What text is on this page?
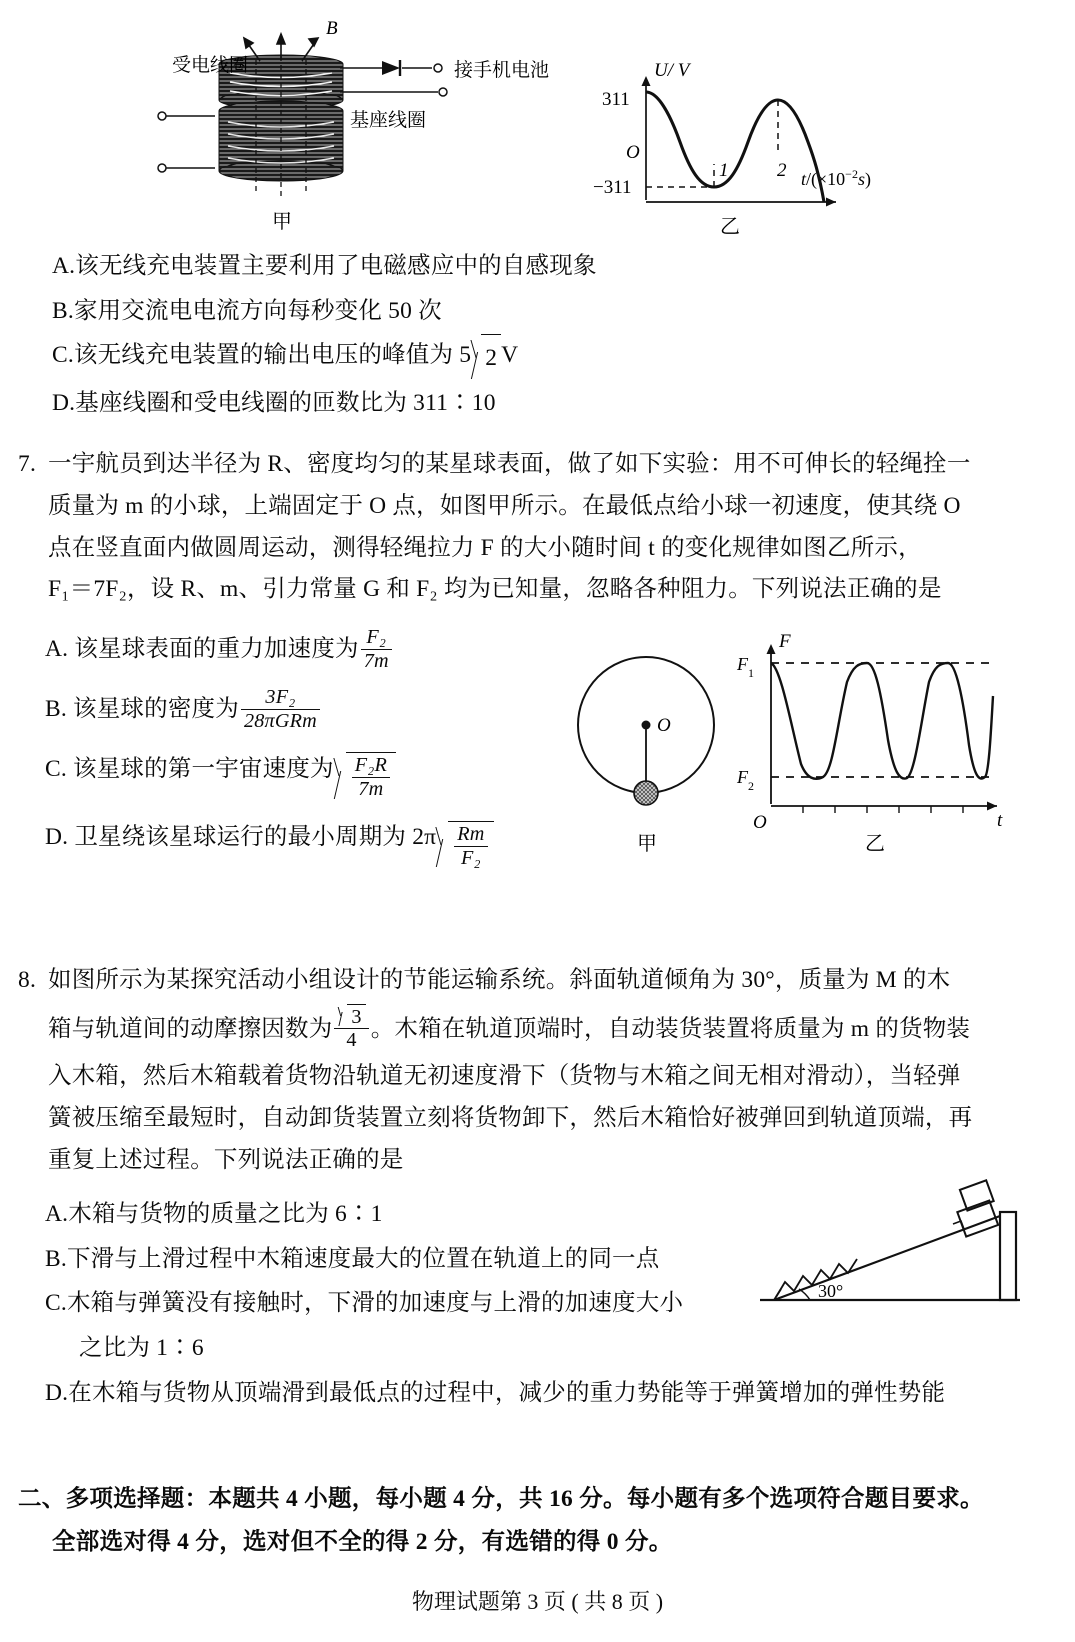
B
受电线圈
基座线圈
接手机电池
甲
U/ V
O
311
−311
1	2 $t/(\times 10^{-2}s)$
乙
A.该无线充电装置主要利用了电磁感应中的自感现象
B.家用交流电电流方向每秒变化 50 次
C.该无线充电装置的输出电压的峰值为 5 2 V
D.基座线圈和受电线圈的匝数比为 311∶10
7. 一宇航员到达半径为 R、密度均匀的某星球表面，做了如下实验：用不可伸长的轻绳拴一
质量为 m 的小球，上端固定于 O 点，如图甲所示。在最低点给小球一初速度，使其绕 O
点在竖直面内做圆周运动，测得轻绳拉力 F 的大小随时间 t 的变化规律如图乙所示，
F₁＝7F₂，设 R、m、引力常量 G 和 F₂ 均为已知量，忽略各种阻力。下列说法正确的是
A. 该星球表面的重力加速度为 $\frac{\text{F₂}}{7m}$
B. 该星球的密度为 $\frac{\text{3F₂}}{\text{28πGRm}}$
C. 该星球的第一宇宙速度为 $\frac{\text{F₂R}}{7m}$
D. 卫星绕该星球运行的最小周期为 $2\pi \frac{Rm}{\text{F₂}}$
O
甲
F
t
O
$F_1$
$F_2$
乙
8. 如图所示为某探究活动小组设计的节能运输系统。斜面轨道倾角为 30°，质量为 M 的木
箱与轨道间的动摩擦因数为 $\frac{3}{4}$ 。木箱在轨道顶端时，自动装货装置将质量为 m 的货物装
入木箱，然后木箱载着货物沿轨道无初速度滑下（货物与木箱之间无相对滑动），当轻弹
簧被压缩至最短时，自动卸货装置立刻将货物卸下，然后木箱恰好被弹回到轨道顶端，再
重复上述过程。下列说法正确的是
30°
A.木箱与货物的质量之比为 6∶1
B.下滑与上滑过程中木箱速度最大的位置在轨道上的同一点
C.木箱与弹簧没有接触时，下滑的加速度与上滑的加速度大小
之比为 1∶6
D.在木箱与货物从顶端滑到最低点的过程中，减少的重力势能等于弹簧增加的弹性势能
二、多项选择题：本题共 4 小题，每小题 4 分，共 16 分。每小题有多个选项符合题目要求。
全部选对得 4 分，选对但不全的得 2 分，有选错的得 0 分。
物理试题第 3 页 ( 共 8 页 )
